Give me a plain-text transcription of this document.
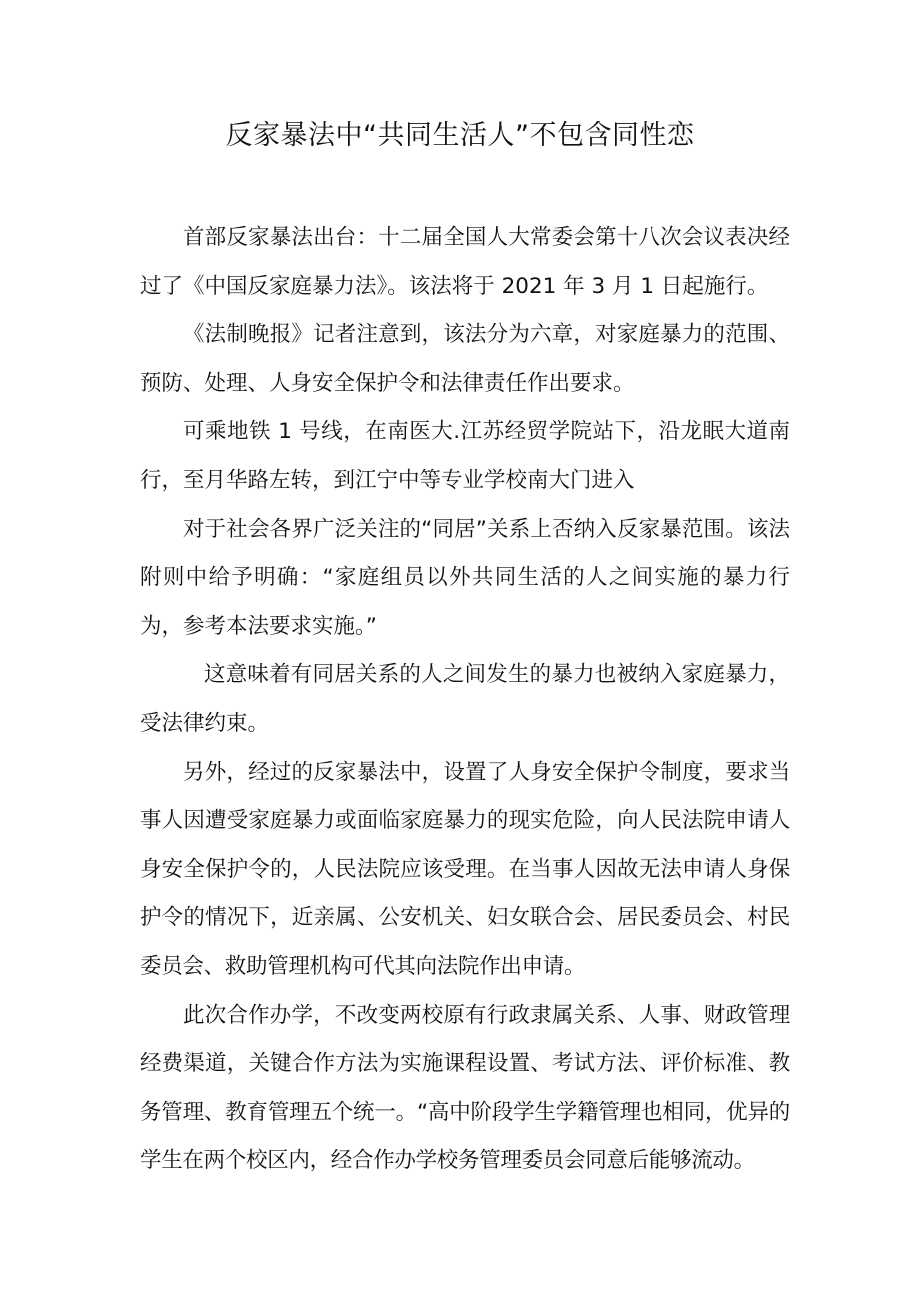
反家暴法中“共同生活人”不包含同性恋

首部反家暴法出台：十二届全国人大常委会第十八次会议表决经过了《中国反家庭暴力法》。该法将于 2021 年 3 月 1 日起施行。

《法制晚报》记者注意到，该法分为六章，对家庭暴力的范围、预防、处理、人身安全保护令和法律责任作出要求。

可乘地铁 1 号线，在南医大.江苏经贸学院站下，沿龙眠大道南行，至月华路左转，到江宁中等专业学校南大门进入

对于社会各界广泛关注的“同居”关系上否纳入反家暴范围。该法附则中给予明确：“家庭组员以外共同生活的人之间实施的暴力行为，参考本法要求实施。”

这意味着有同居关系的人之间发生的暴力也被纳入家庭暴力，受法律约束。

另外，经过的反家暴法中，设置了人身安全保护令制度，要求当事人因遭受家庭暴力或面临家庭暴力的现实危险，向人民法院申请人身安全保护令的，人民法院应该受理。在当事人因故无法申请人身保护令的情况下，近亲属、公安机关、妇女联合会、居民委员会、村民委员会、救助管理机构可代其向法院作出申请。

此次合作办学，不改变两校原有行政隶属关系、人事、财政管理经费渠道，关键合作方法为实施课程设置、考试方法、评价标准、教务管理、教育管理五个统一。“高中阶段学生学籍管理也相同，优异的学生在两个校区内，经合作办学校务管理委员会同意后能够流动。
